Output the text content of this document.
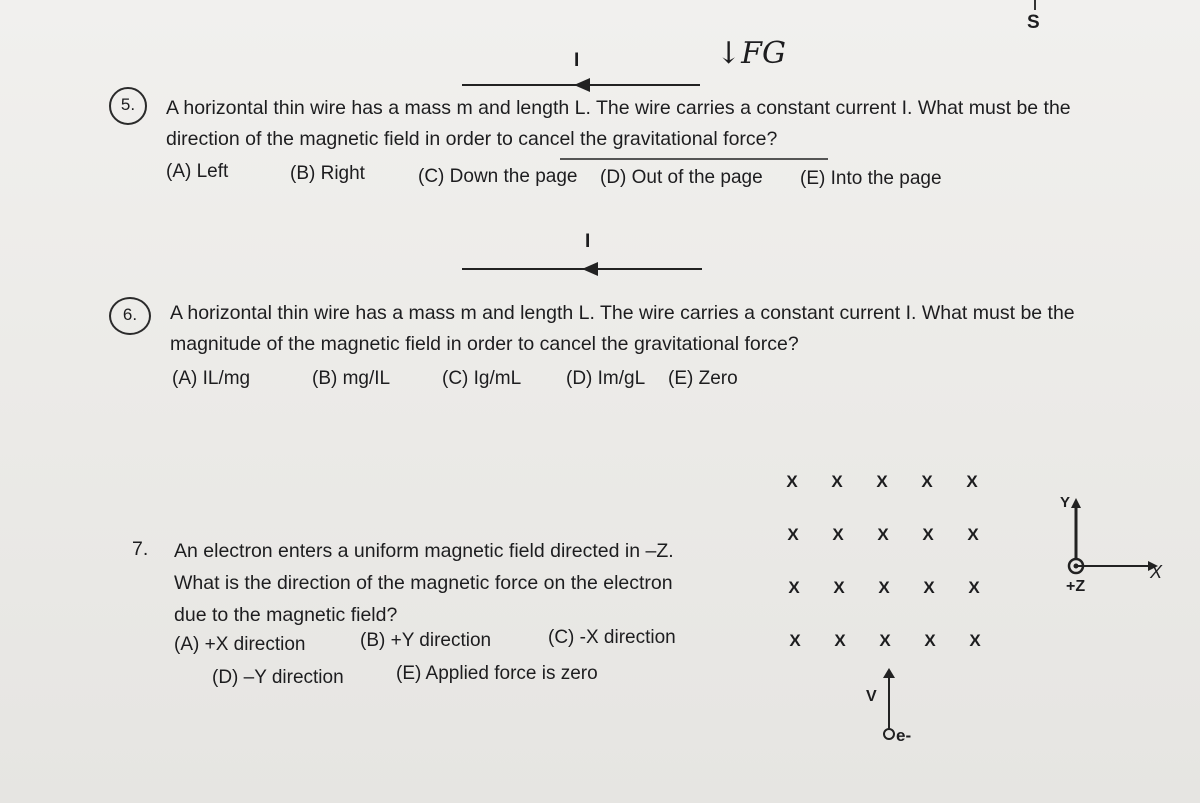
S
I	↓FG
5.	A horizontal thin wire has a mass m and length L. The wire carries a constant current I. What must be the
direction of the magnetic field in order to cancel the gravitational force?
(A) Left	(B) Right	(C) Down the page (D) Out of the page (E) Into the page
I
6.	A horizontal thin wire has a mass m and length L. The wire carries a constant current I. What must be the
magnitude of the magnetic field in order to cancel the gravitational force?
(A) IL/mg	(B) mg/IL	(C) Ig/mL (D) Im/gL (E) Zero
7. An electron enters a uniform magnetic field directed in –Z.
What is the direction of the magnetic force on the electron
due to the magnetic field?
(A) +X direction	(B) +Y direction	(C) -X direction
(D) –Y direction	(E) Applied force is zero
X X X X X
X X X X X
X X X X X
X X X X X
V
e-
Y
X
+Z
